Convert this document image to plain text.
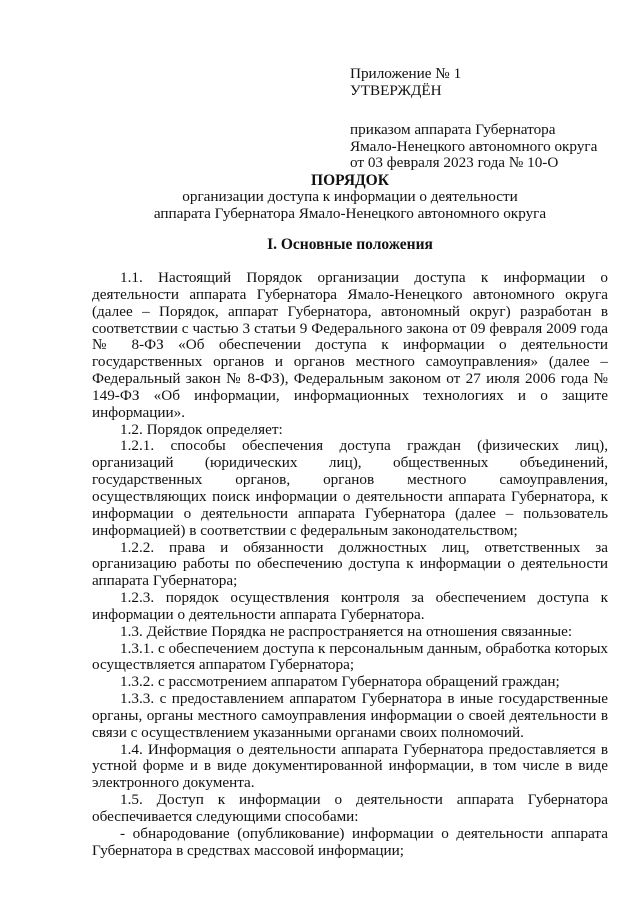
Приложение № 1
УТВЕРЖДЁН
приказом аппарата Губернатора
Ямало-Ненецкого автономного округа
от 03 февраля 2023 года № 10-О
ПОРЯДОК
организации доступа к информации о деятельности
аппарата Губернатора Ямало-Ненецкого автономного округа
I. Основные положения

1.1. Настоящий Порядок организации доступа к информации о деятельности аппарата Губернатора Ямало-Ненецкого автономного округа (далее – Порядок, аппарат Губернатора, автономный округ) разработан в соответствии с частью 3 статьи 9 Федерального закона от 09 февраля 2009 года № 8-ФЗ «Об обеспечении доступа к информации о деятельности государственных органов и органов местного самоуправления» (далее – Федеральный закон № 8-ФЗ), Федеральным законом от 27 июля 2006 года № 149-ФЗ «Об информации, информационных технологиях и о защите информации».

1.2. Порядок определяет:

1.2.1. способы обеспечения доступа граждан (физических лиц), организаций (юридических лиц), общественных объединений, государственных органов, органов местного самоуправления, осуществляющих поиск информации о деятельности аппарата Губернатора, к информации о деятельности аппарата Губернатора (далее – пользователь информацией) в соответствии с федеральным законодательством;

1.2.2. права и обязанности должностных лиц, ответственных за организацию работы по обеспечению доступа к информации о деятельности аппарата Губернатора;

1.2.3. порядок осуществления контроля за обеспечением доступа к информации о деятельности аппарата Губернатора.

1.3. Действие Порядка не распространяется на отношения связанные:

1.3.1. с обеспечением доступа к персональным данным, обработка которых осуществляется аппаратом Губернатора;

1.3.2. с рассмотрением аппаратом Губернатора обращений граждан;

1.3.3. с предоставлением аппаратом Губернатора в иные государственные органы, органы местного самоуправления информации о своей деятельности в связи с осуществлением указанными органами своих полномочий.

1.4. Информация о деятельности аппарата Губернатора предоставляется в устной форме и в виде документированной информации, в том числе в виде электронного документа.

1.5. Доступ к информации о деятельности аппарата Губернатора обеспечивается следующими способами:

- обнародование (опубликование) информации о деятельности аппарата Губернатора в средствах массовой информации;
